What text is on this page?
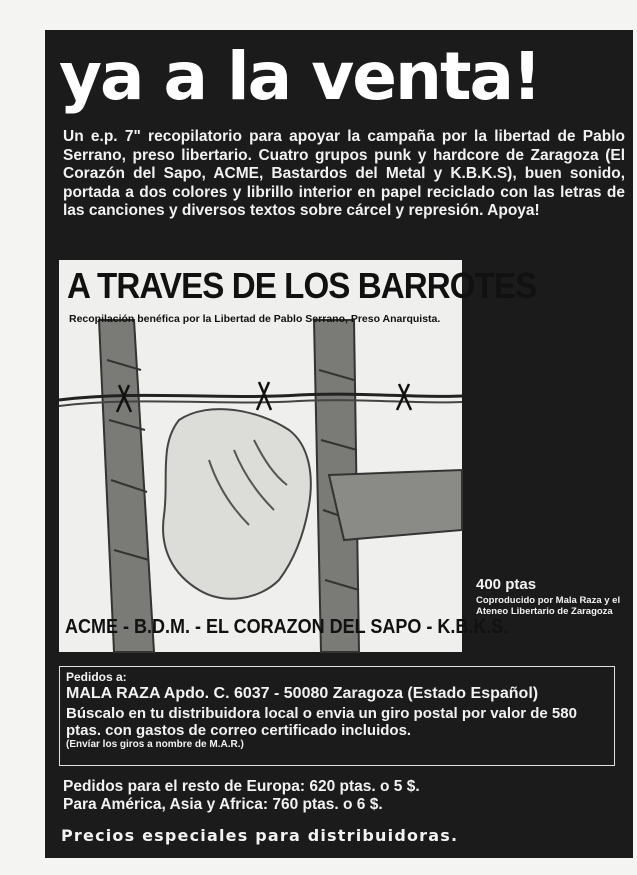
ya a la venta!
Un e.p. 7" recopilatorio para apoyar la campaña por la libertad de Pablo Serrano, preso libertario. Cuatro grupos punk y hardcore de Zaragoza (El Corazón del Sapo, ACME, Bastardos del Metal y K.B.K.S), buen sonido, portada a dos colores y librillo interior en papel reciclado con las letras de las canciones y diversos textos sobre cárcel y represión. Apoya!
A TRAVES DE LOS BARROTES
Recopilación benéfica por la Libertad de Pablo Serrano, Preso Anarquista.
ACME - B.D.M. - EL CORAZON DEL SAPO - K.B.K.S.
400 ptas
Coproducido por Mala Raza y el Ateneo Libertario de Zaragoza
Pedidos a:
MALA RAZA Apdo. C. 6037 - 50080 Zaragoza (Estado Español)
Búscalo en tu distribuidora local o envia un giro postal por valor de 580 ptas. con gastos de correo certificado incluidos.
(Envíar los giros a nombre de M.A.R.)
Pedidos para el resto de Europa: 620 ptas. o 5 $.
Para América, Asia y Africa: 760 ptas. o 6 $.
Precios especiales para distribuidoras.
